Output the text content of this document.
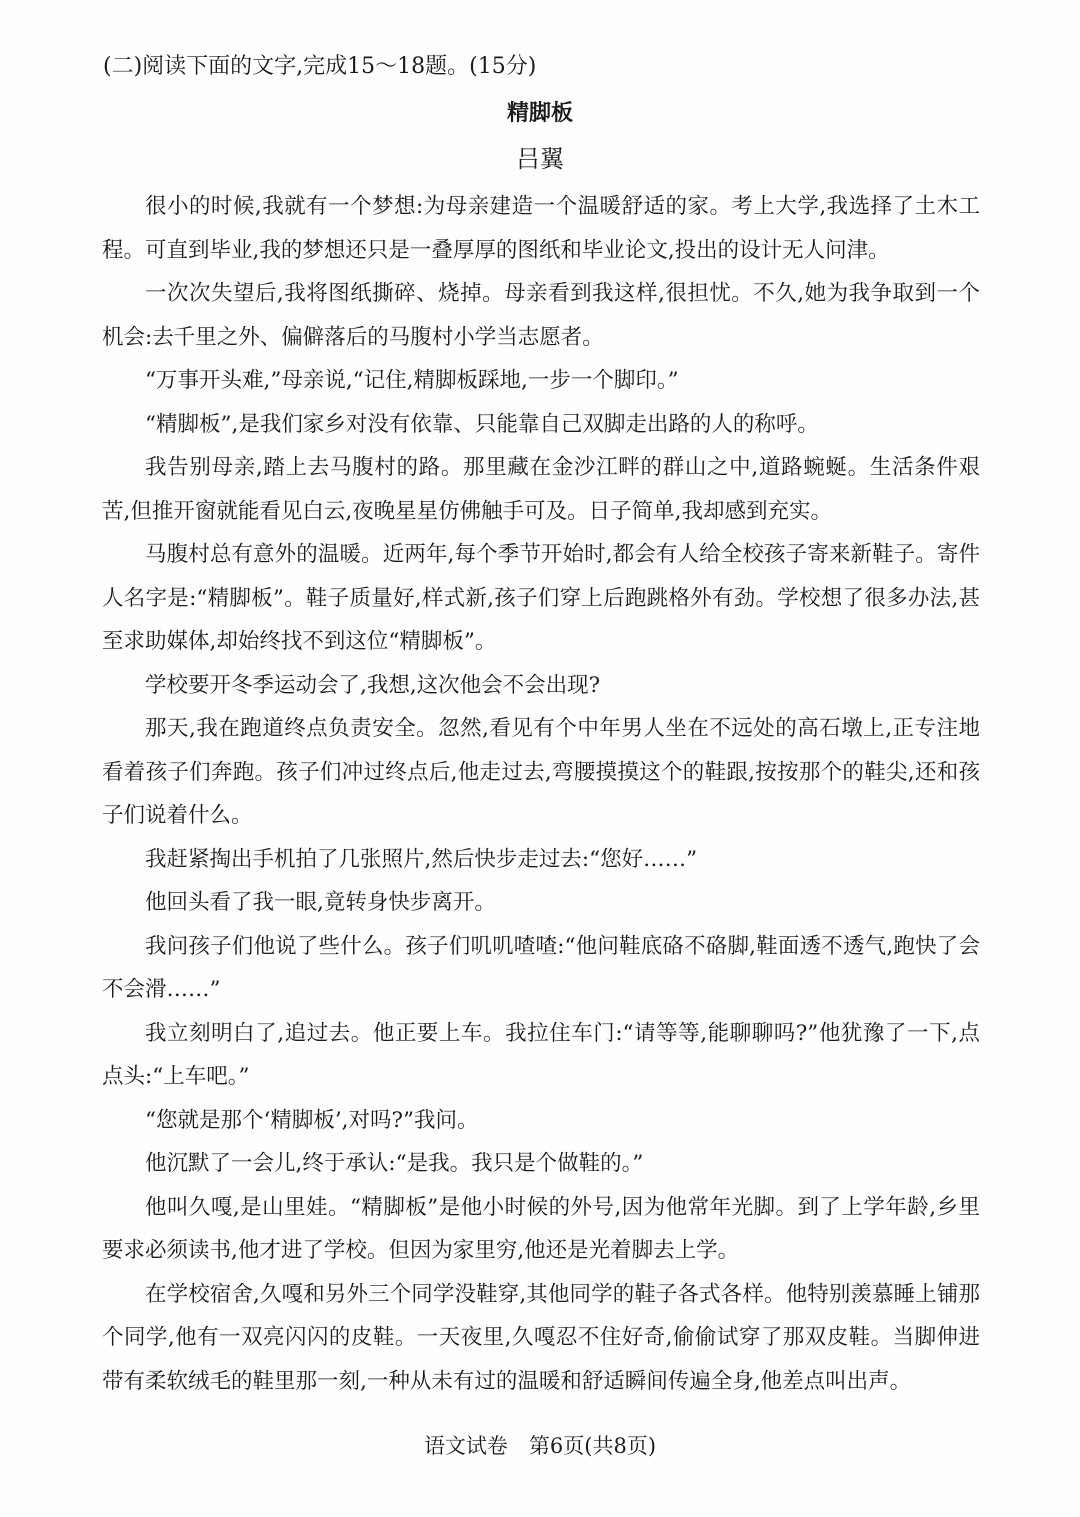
(二)阅读下面的文字,完成15～18题。(15分)
精脚板
吕翼

很小的时候,我就有一个梦想:为母亲建造一个温暖舒适的家。考上大学,我选择了土木工程。可直到毕业,我的梦想还只是一叠厚厚的图纸和毕业论文,投出的设计无人问津。

一次次失望后,我将图纸撕碎、烧掉。母亲看到我这样,很担忧。不久,她为我争取到一个机会:去千里之外、偏僻落后的马腹村小学当志愿者。

“万事开头难,”母亲说,“记住,精脚板踩地,一步一个脚印。”

“精脚板”,是我们家乡对没有依靠、只能靠自己双脚走出路的人的称呼。

我告别母亲,踏上去马腹村的路。那里藏在金沙江畔的群山之中,道路蜿蜒。生活条件艰苦,但推开窗就能看见白云,夜晚星星仿佛触手可及。日子简单,我却感到充实。

马腹村总有意外的温暖。近两年,每个季节开始时,都会有人给全校孩子寄来新鞋子。寄件人名字是:“精脚板”。鞋子质量好,样式新,孩子们穿上后跑跳格外有劲。学校想了很多办法,甚至求助媒体,却始终找不到这位“精脚板”。

学校要开冬季运动会了,我想,这次他会不会出现?

那天,我在跑道终点负责安全。忽然,看见有个中年男人坐在不远处的高石墩上,正专注地看着孩子们奔跑。孩子们冲过终点后,他走过去,弯腰摸摸这个的鞋跟,按按那个的鞋尖,还和孩子们说着什么。

我赶紧掏出手机拍了几张照片,然后快步走过去:“您好……”

他回头看了我一眼,竟转身快步离开。

我问孩子们他说了些什么。孩子们叽叽喳喳:“他问鞋底硌不硌脚,鞋面透不透气,跑快了会不会滑……”

我立刻明白了,追过去。他正要上车。我拉住车门:“请等等,能聊聊吗?”他犹豫了一下,点点头:“上车吧。”

“您就是那个‘精脚板’,对吗?”我问。

他沉默了一会儿,终于承认:“是我。我只是个做鞋的。”

他叫久嘎,是山里娃。“精脚板”是他小时候的外号,因为他常年光脚。到了上学年龄,乡里要求必须读书,他才进了学校。但因为家里穷,他还是光着脚去上学。

在学校宿舍,久嘎和另外三个同学没鞋穿,其他同学的鞋子各式各样。他特别羡慕睡上铺那个同学,他有一双亮闪闪的皮鞋。一天夜里,久嘎忍不住好奇,偷偷试穿了那双皮鞋。当脚伸进带有柔软绒毛的鞋里那一刻,一种从未有过的温暖和舒适瞬间传遍全身,他差点叫出声。

语文试卷　第6页(共8页)
